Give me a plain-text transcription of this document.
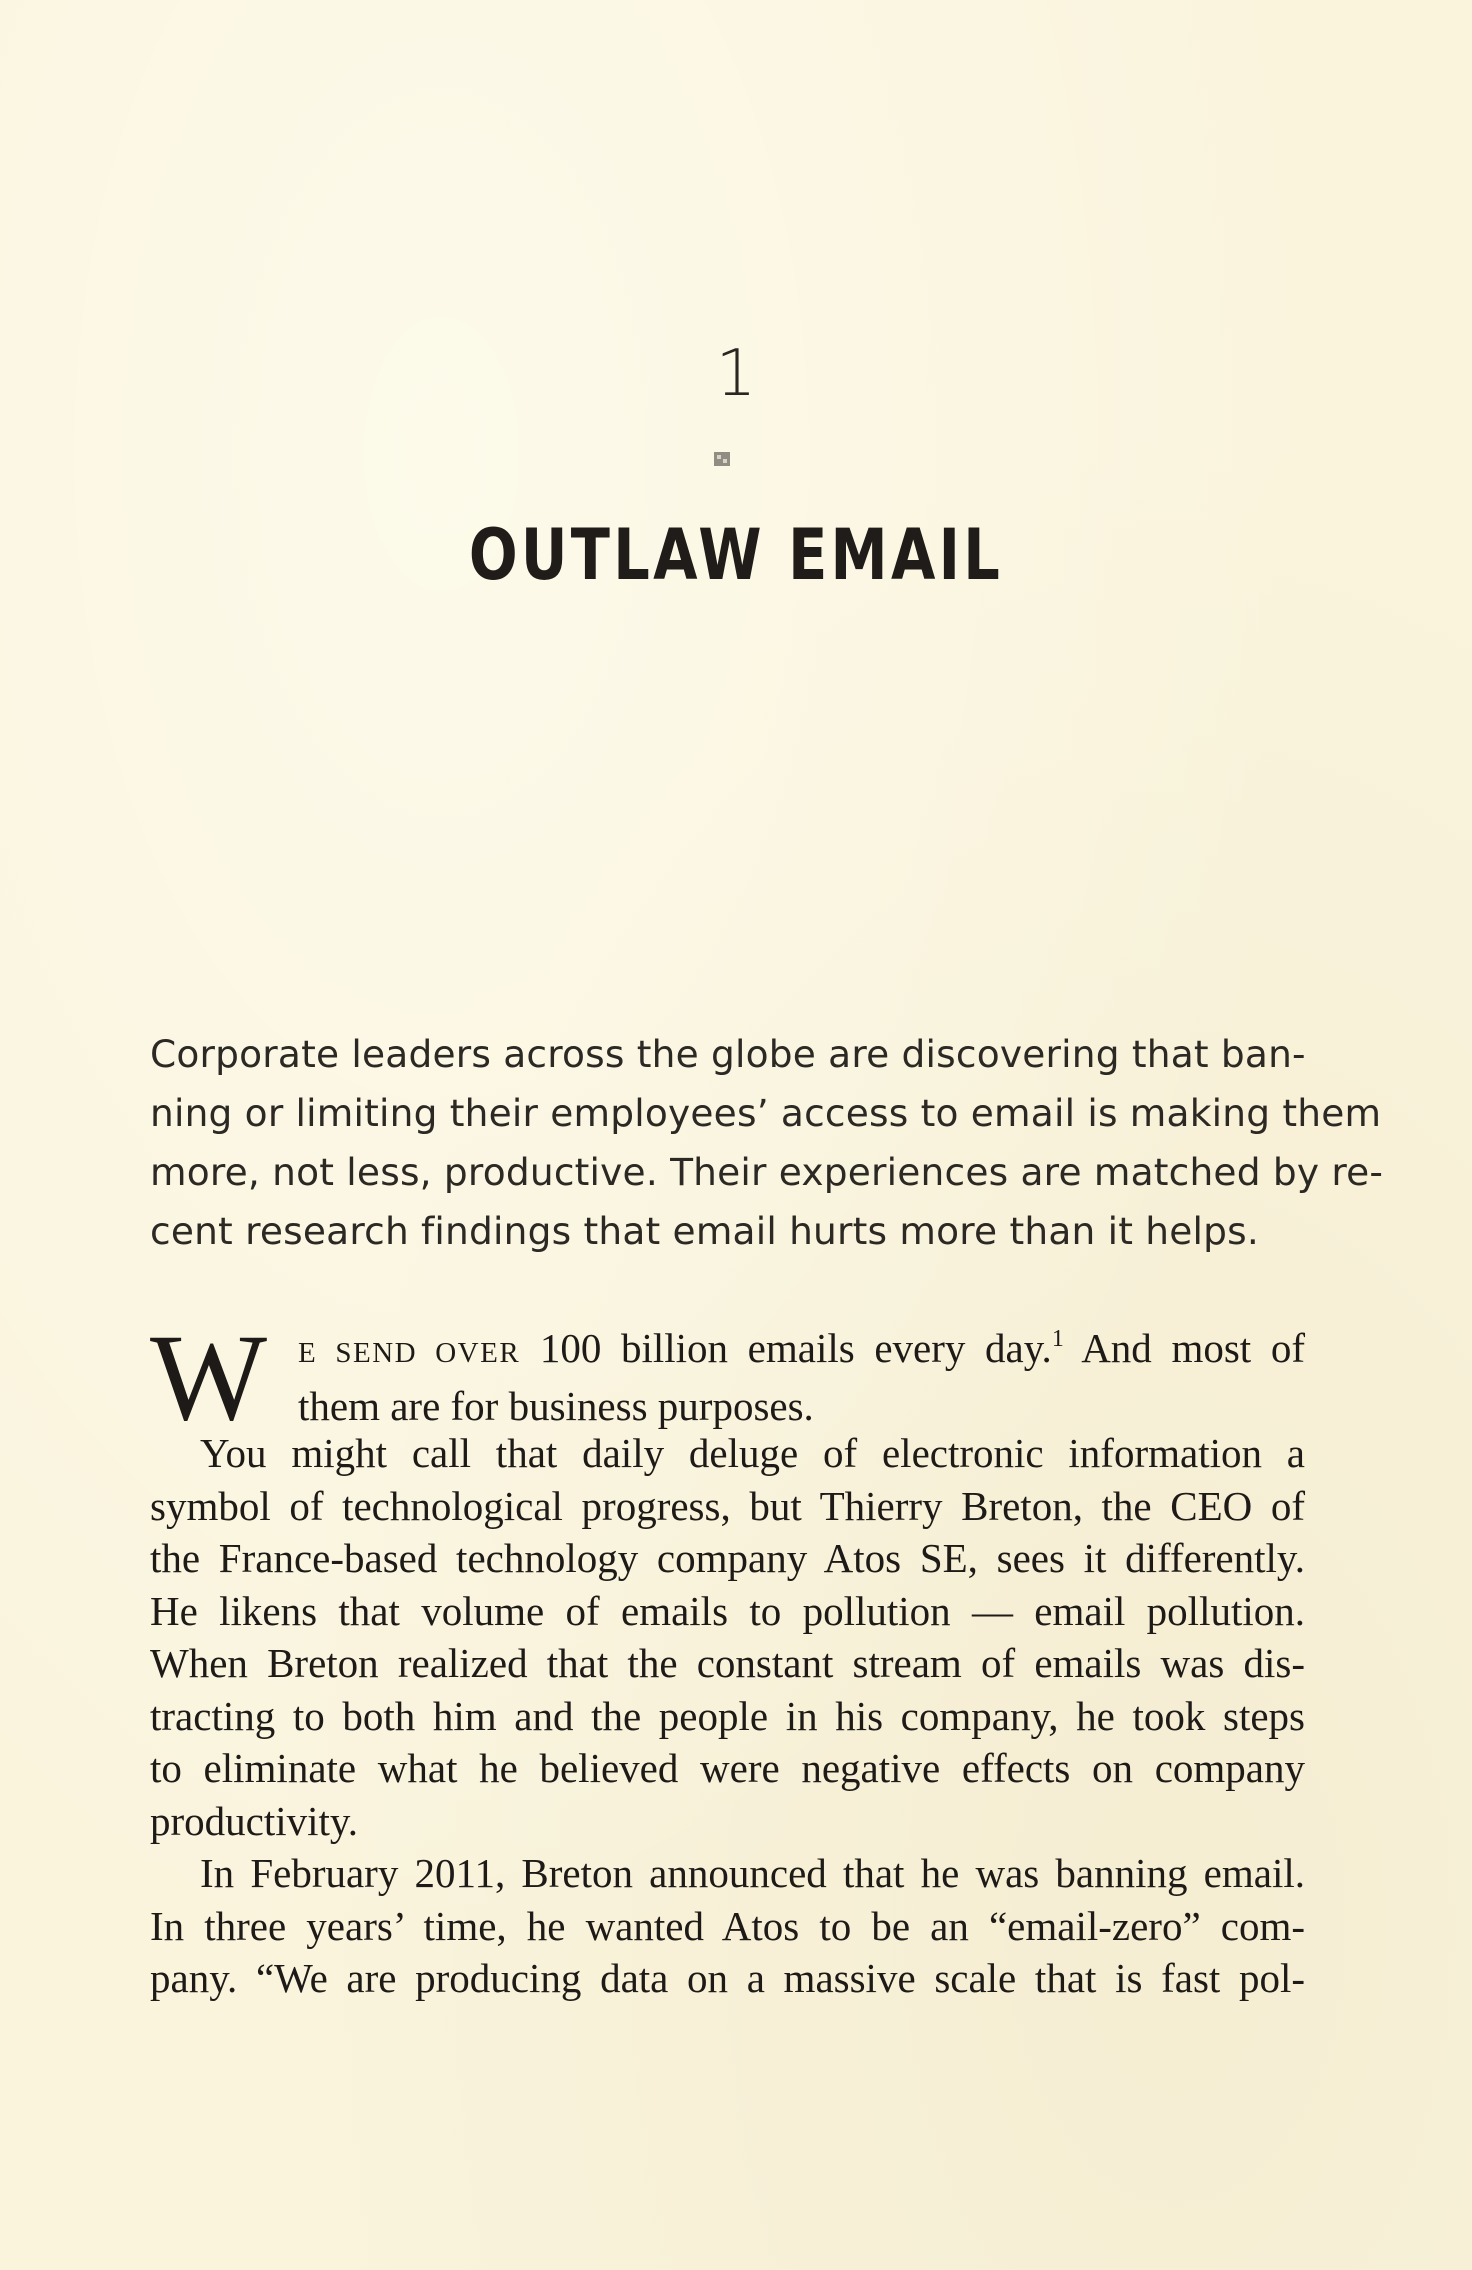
1
OUTLAW EMAIL
Corporate leaders across the globe are discovering that ban-
ning or limiting their employees’ access to email is making them
more, not less, productive. Their experiences are matched by re-
cent research findings that email hurts more than it helps.
W E SEND OVER 100 billion emails every day.$^1$ And most of
them are for business purposes.
You might call that daily deluge of electronic information a
symbol of technological progress, but Thierry Breton, the CEO of
the France-based technology company Atos SE, sees it differently.
He likens that volume of emails to pollution — email pollution.
When Breton realized that the constant stream of emails was dis-
tracting to both him and the people in his company, he took steps
to eliminate what he believed were negative effects on company
productivity.
In February 2011, Breton announced that he was banning email.
In three years’ time, he wanted Atos to be an “email-zero” com-
pany. “We are producing data on a massive scale that is fast pol-
